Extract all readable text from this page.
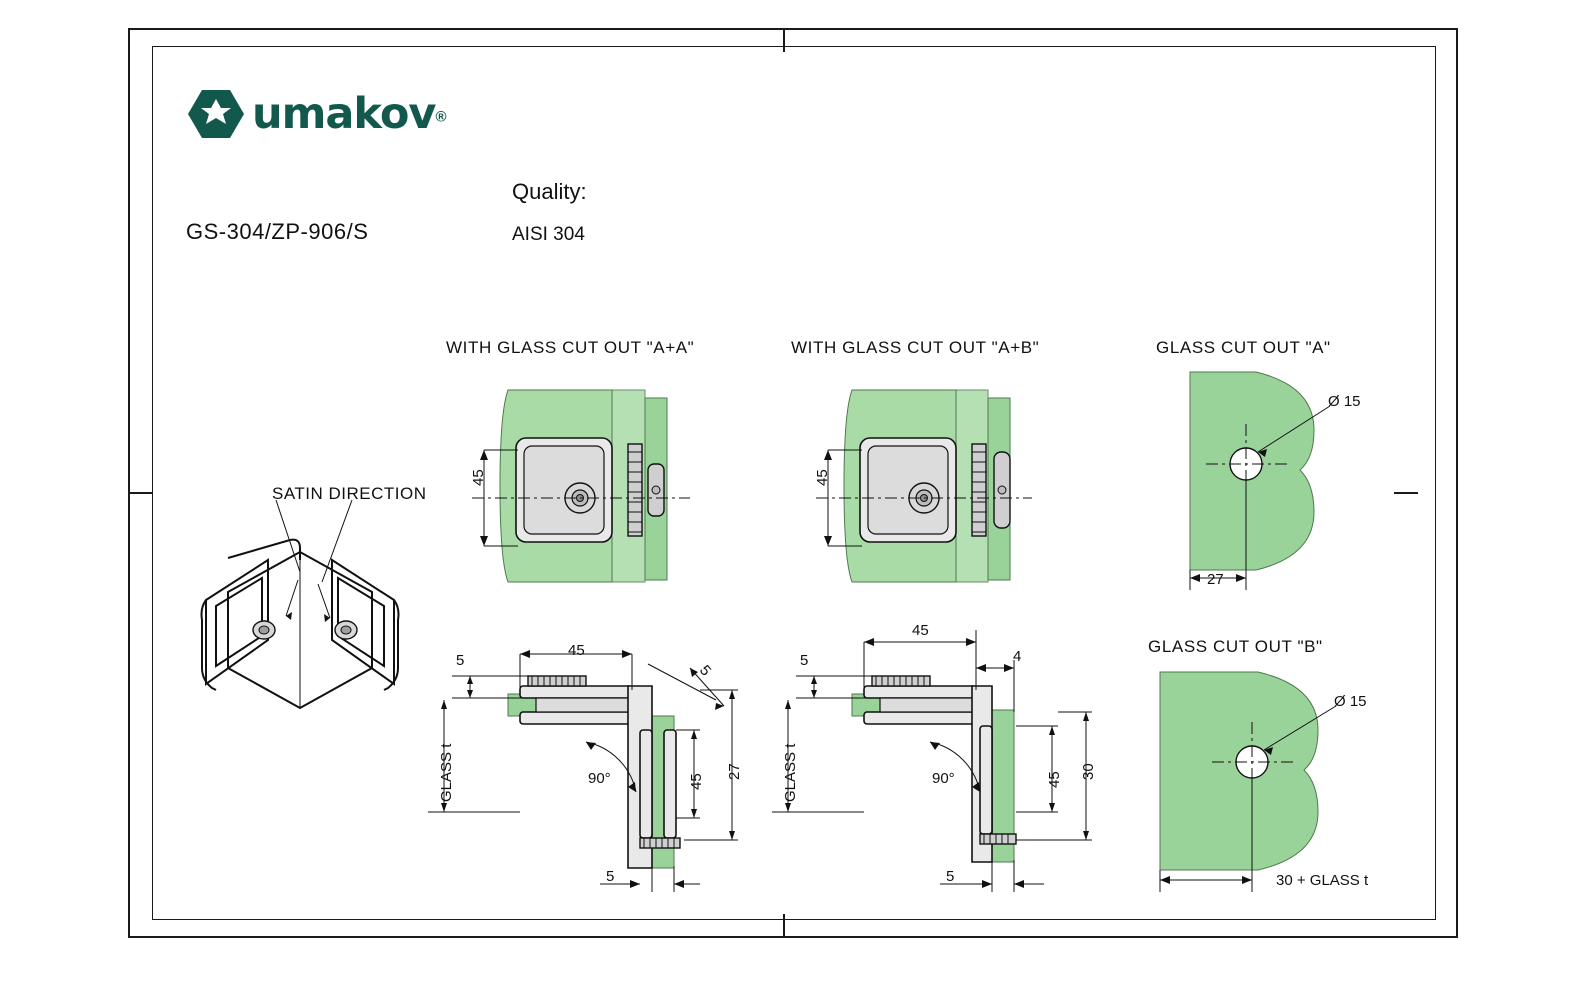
umakov®
GS-304/ZP-906/S
Quality:
AISI 304
WITH GLASS CUT OUT "A+A"	WITH GLASS CUT OUT "A+B"	GLASS CUT OUT "A"
GLASS CUT OUT "B"
SATIN DIRECTION
45	45
45
5
5
GLASS t	90°	45
27
5
45
5	4
GLASS t	90°	45 30
5
Ø 15
27
Ø 15
30 + GLASS t
